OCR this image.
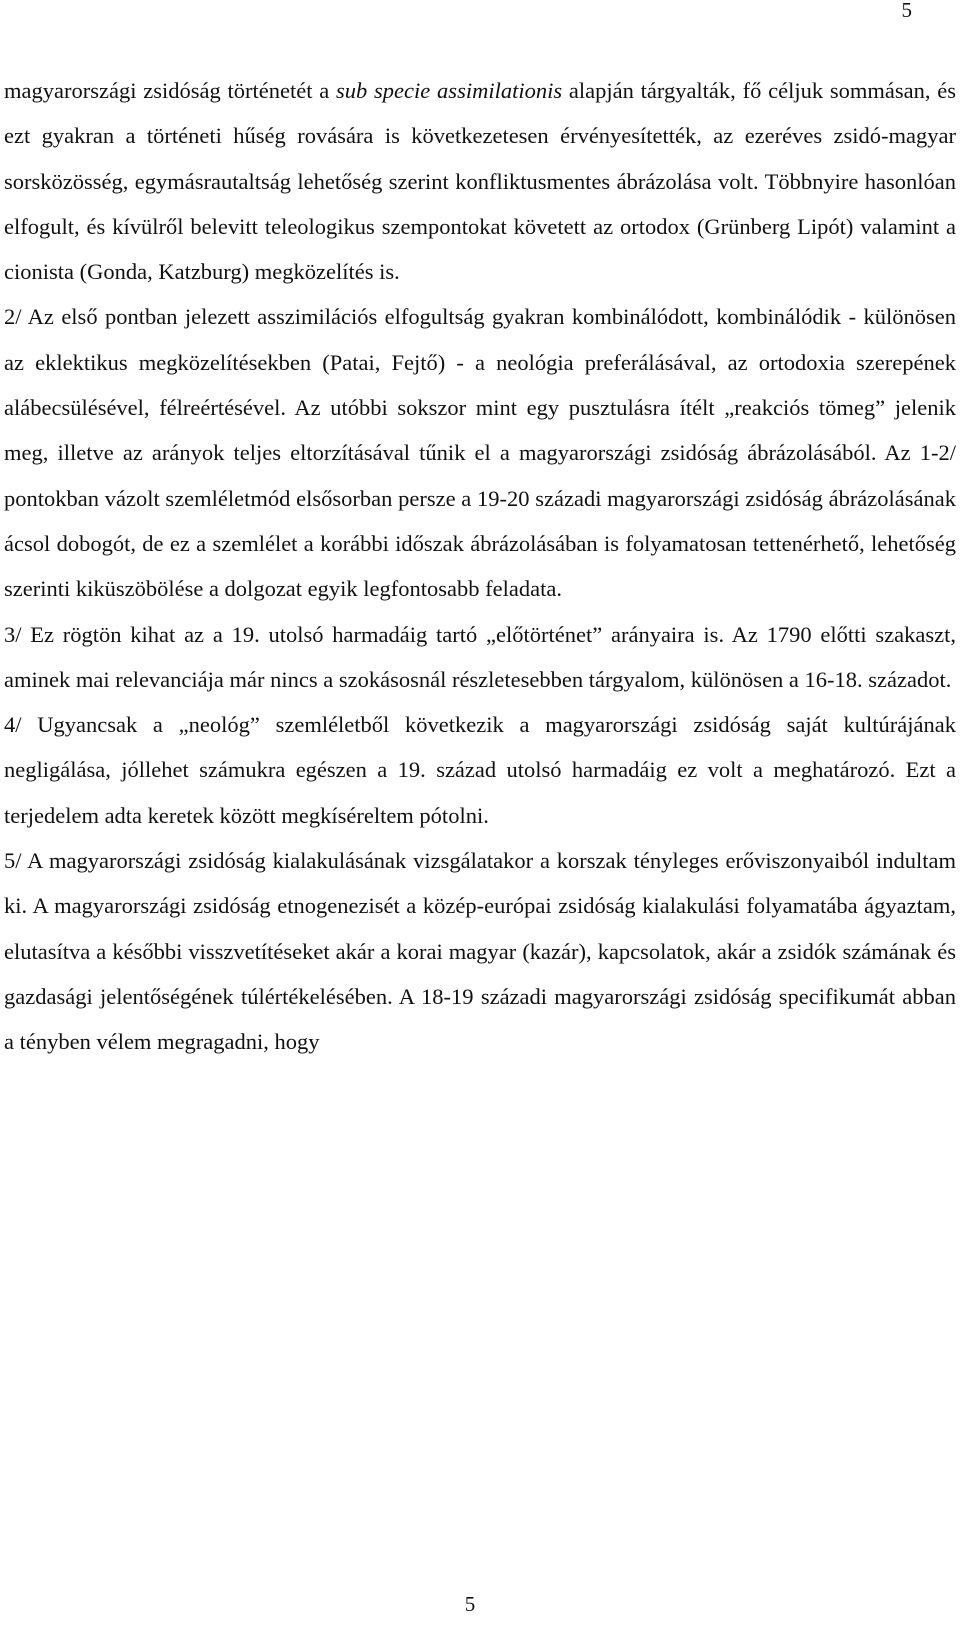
5

magyarországi zsidóság történetét a sub specie assimilationis alapján tárgyalták, fő céljuk sommásan, és ezt gyakran a történeti hűség rovására is következetesen érvényesítették, az ezeréves zsidó-magyar sorsközösség, egymásrautaltság lehetőség szerint konfliktusmentes ábrázolása volt. Többnyire hasonlóan elfogult, és kívülről belevitt teleologikus szempontokat követett az ortodox (Grünberg Lipót) valamint a cionista (Gonda, Katzburg) megközelítés is.

2/ Az első pontban jelezett asszimilációs elfogultság gyakran kombinálódott, kombinálódik - különösen az eklektikus megközelítésekben (Patai, Fejtő) - a neológia preferálásával, az ortodoxia szerepének alábecsülésével, félreértésével. Az utóbbi sokszor mint egy pusztulásra ítélt „reakciós tömeg” jelenik meg, illetve az arányok teljes eltorzításával tűnik el a magyarországi zsidóság ábrázolásából. Az 1-2/ pontokban vázolt szemléletmód elsősorban persze a 19-20 századi magyarországi zsidóság ábrázolásának ácsol dobogót, de ez a szemlélet a korábbi időszak ábrázolásában is folyamatosan tettenérhető, lehetőség szerinti kiküszöbölése a dolgozat egyik legfontosabb feladata.

3/ Ez rögtön kihat az a 19. utolsó harmadáig tartó „előtörténet” arányaira is. Az 1790 előtti szakaszt, aminek mai relevanciája már nincs a szokásosnál részletesebben tárgyalom, különösen a 16-18. századot.

4/ Ugyancsak a „neológ” szemléletből következik a magyarországi zsidóság saját kultúrájának negligálása, jóllehet számukra egészen a 19. század utolsó harmadáig ez volt a meghatározó. Ezt a terjedelem adta keretek között megkíséreltem pótolni.

5/ A magyarországi zsidóság kialakulásának vizsgálatakor a korszak tényleges erőviszonyaiból indultam ki. A magyarországi zsidóság etnogenezisét a közép-európai zsidóság kialakulási folyamatába ágyaztam, elutasítva a későbbi visszvetítéseket akár a korai magyar (kazár), kapcsolatok, akár a zsidók számának és gazdasági jelentőségének túlértékelésében. A 18-19 századi magyarországi zsidóság specifikumát abban a tényben vélem megragadni, hogy

5
